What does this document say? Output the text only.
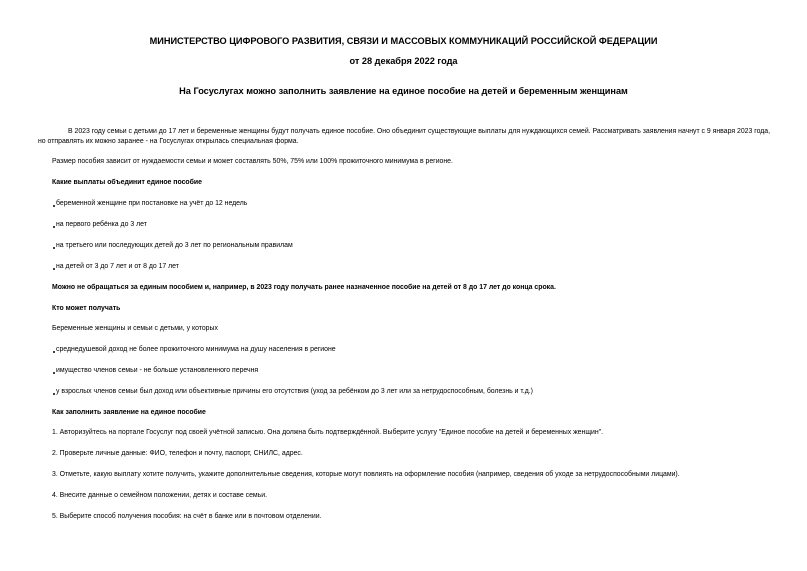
МИНИСТЕРСТВО ЦИФРОВОГО РАЗВИТИЯ, СВЯЗИ И МАССОВЫХ КОММУНИКАЦИЙ РОССИЙСКОЙ ФЕДЕРАЦИИ
от 28 декабря 2022 года
На Госуслугах можно заполнить заявление на единое пособие на детей и беременным женщинам
В 2023 году семьи с детьми до 17 лет и беременные женщины будут получать единое пособие. Оно объединит существующие выплаты для нуждающихся семей. Рассматривать заявления начнут с 9 января 2023 года, но отправлять их можно заранее - на Госуслугах открылась специальная форма.
Размер пособия зависит от нуждаемости семьи и может составлять 50%, 75% или 100% прожиточного минимума в регионе.
Какие выплаты объединит единое пособие
беременной женщине при постановке на учёт до 12 недель
на первого ребёнка до 3 лет
на третьего или последующих детей до 3 лет по региональным правилам
на детей от 3 до 7 лет и от 8 до 17 лет
Можно не обращаться за единым пособием и, например, в 2023 году получать ранее назначенное пособие на детей от 8 до 17 лет до конца срока.
Кто может получать
Беременные женщины и семьи с детьми, у которых
среднедушевой доход не более прожиточного минимума на душу населения в регионе
имущество членов семьи - не больше установленного перечня
у взрослых членов семьи был доход или объективные причины его отсутствия (уход за ребёнком до 3 лет или за нетрудоспособным, болезнь и т.д.)
Как заполнить заявление на единое пособие
1. Авторизуйтесь на портале Госуслуг под своей учётной записью. Она должна быть подтверждённой. Выберите услугу "Единое пособие на детей и беременных женщин".
2. Проверьте личные данные: ФИО, телефон и почту, паспорт, СНИЛС, адрес.
3. Отметьте, какую выплату хотите получить, укажите дополнительные сведения, которые могут повлиять на оформление пособия (например, сведения об уходе за нетрудоспособными лицами).
4. Внесите данные о семейном положении, детях и составе семьи.
5. Выберите способ получения пособия: на счёт в банке или в почтовом отделении.
